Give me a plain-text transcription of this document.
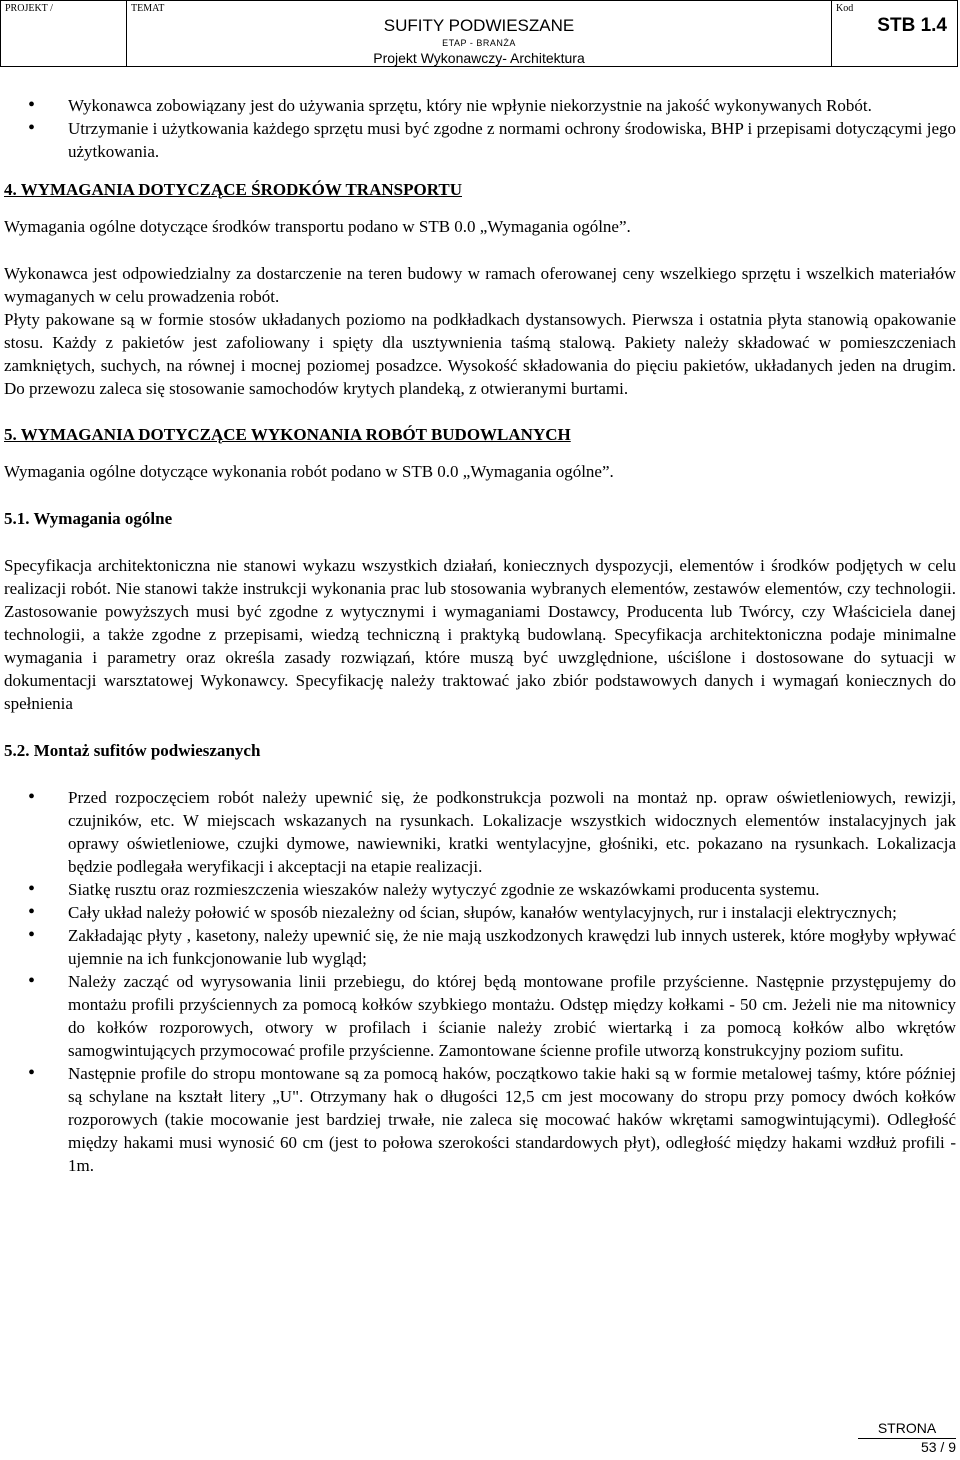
PROJEKT /	TEMAT
SUFITY PODWIESZANE
ETAP - BRANŻA
Projekt Wykonawczy- Architektura
Kod
STB 1.4
• Wykonawca zobowiązany jest do używania sprzętu, który nie wpłynie niekorzystnie na jakość wykonywanych Robót.
• Utrzymanie i użytkowania każdego sprzętu musi być zgodne z normami ochrony środowiska, BHP i przepisami dotyczącymi jego użytkowania.

4. WYMAGANIA DOTYCZĄCE ŚRODKÓW TRANSPORTU

Wymagania ogólne dotyczące środków transportu podano w STB 0.0 „Wymagania ogólne”.

Wykonawca jest odpowiedzialny za dostarczenie na teren budowy w ramach oferowanej ceny wszelkiego sprzętu i wszelkich materiałów wymaganych w celu prowadzenia robót.

Płyty pakowane są w formie stosów układanych poziomo na podkładkach dystansowych. Pierwsza i ostatnia płyta stanowią opakowanie stosu. Każdy z pakietów jest zafoliowany i spięty dla usztywnienia taśmą stalową. Pakiety należy składować w pomieszczeniach zamkniętych, suchych, na równej i mocnej poziomej posadzce. Wysokość składowania do pięciu pakietów, układanych jeden na drugim. Do przewozu zaleca się stosowanie samochodów krytych plandeką, z otwieranymi burtami.

5. WYMAGANIA DOTYCZĄCE WYKONANIA ROBÓT BUDOWLANYCH

Wymagania ogólne dotyczące wykonania robót podano w STB 0.0 „Wymagania ogólne”.

5.1. Wymagania ogólne

Specyfikacja architektoniczna nie stanowi wykazu wszystkich działań, koniecznych dyspozycji, elementów i środków podjętych w celu realizacji robót. Nie stanowi także instrukcji wykonania prac lub stosowania wybranych elementów, zestawów elementów, czy technologii. Zastosowanie powyższych musi być zgodne z wytycznymi i wymaganiami Dostawcy, Producenta lub Twórcy, czy Właściciela danej technologii, a także zgodne z przepisami, wiedzą techniczną i praktyką budowlaną. Specyfikacja architektoniczna podaje minimalne wymagania i parametry oraz określa zasady rozwiązań, które muszą być uwzględnione, uściślone i dostosowane do sytuacji w dokumentacji warsztatowej Wykonawcy. Specyfikację należy traktować jako zbiór podstawowych danych i wymagań koniecznych do spełnienia

5.2. Montaż sufitów podwieszanych

• Przed rozpoczęciem robót należy upewnić się, że podkonstrukcja pozwoli na montaż np. opraw oświetleniowych, rewizji, czujników, etc. W miejscach wskazanych na rysunkach. Lokalizacje wszystkich widocznych elementów instalacyjnych jak oprawy oświetleniowe, czujki dymowe, nawiewniki, kratki wentylacyjne, głośniki, etc. pokazano na rysunkach. Lokalizacja będzie podlegała weryfikacji i akceptacji na etapie realizacji.
• Siatkę rusztu oraz rozmieszczenia wieszaków należy wytyczyć zgodnie ze wskazówkami producenta systemu.
• Cały układ należy połowić w sposób niezależny od ścian, słupów, kanałów wentylacyjnych, rur i instalacji elektrycznych;
• Zakładając płyty , kasetony, należy upewnić się, że nie mają uszkodzonych krawędzi lub innych usterek, które mogłyby wpływać ujemnie na ich funkcjonowanie lub wygląd;
• Należy zacząć od wyrysowania linii przebiegu, do której będą montowane profile przyścienne. Następnie przystępujemy do montażu profili przyściennych za pomocą kołków szybkiego montażu. Odstęp między kołkami - 50 cm. Jeżeli nie ma nitownicy do kołków rozporowych, otwory w profilach i ścianie należy zrobić wiertarką i za pomocą kołków albo wkrętów samogwintujących przymocować profile przyścienne. Zamontowane ścienne profile utworzą konstrukcyjny poziom sufitu.
• Następnie profile do stropu montowane są za pomocą haków, początkowo takie haki są w formie metalowej taśmy, które później są schylane na kształt litery „U". Otrzymany hak o długości 12,5 cm jest mocowany do stropu przy pomocy dwóch kołków rozporowych (takie mocowanie jest bardziej trwałe, nie zaleca się mocować haków wkrętami samogwintującymi). Odległość między hakami musi wynosić 60 cm (jest to połowa szerokości standardowych płyt), odległość między hakami wzdłuż profili - 1m.
STRONA
53 / 9
